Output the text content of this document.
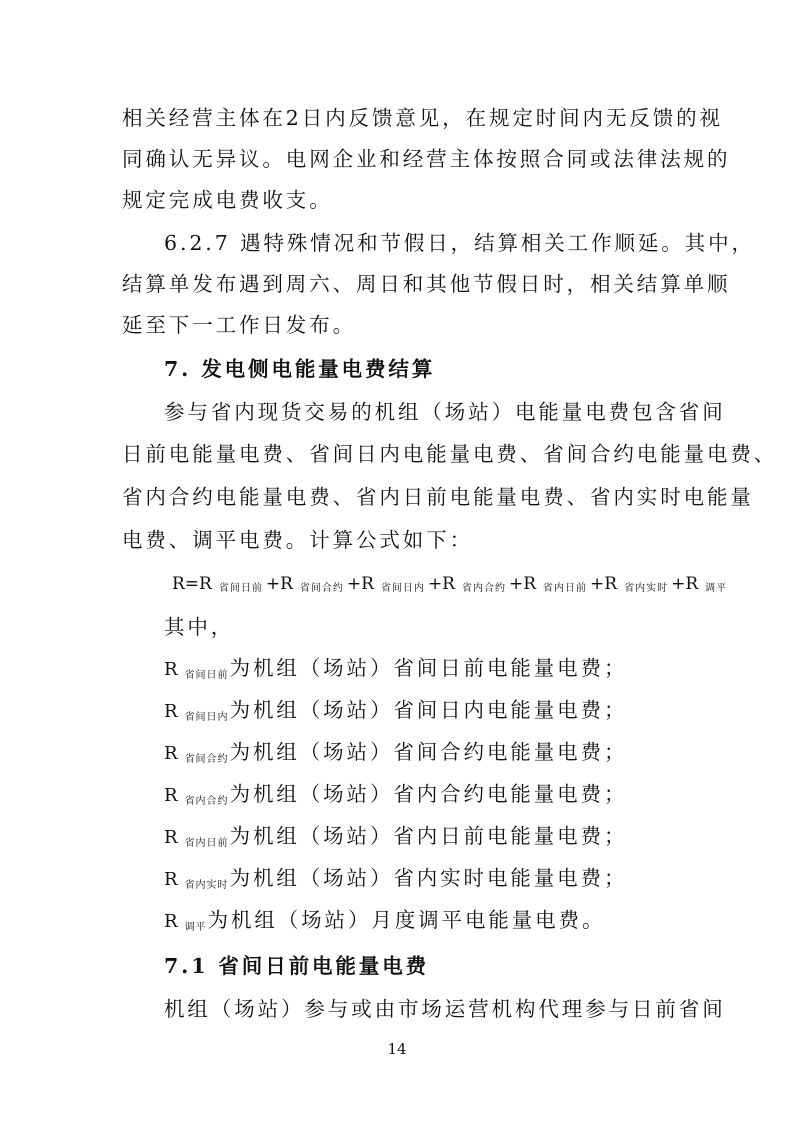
相关经营主体在2日内反馈意见，在规定时间内无反馈的视
同确认无异议。电网企业和经营主体按照合同或法律法规的
规定完成电费收支。
6.2.7 遇特殊情况和节假日，结算相关工作顺延。其中，
结算单发布遇到周六、周日和其他节假日时，相关结算单顺
延至下一工作日发布。
7. 发电侧电能量电费结算
参与省内现货交易的机组（场站）电能量电费包含省间
日前电能量电费、省间日内电能量电费、省间合约电能量电费、
省内合约电能量电费、省内日前电能量电费、省内实时电能量
电费、调平电费。计算公式如下：
R=R $_{省间日前}$ +R $_{省间合约}$ +R $_{省间日内}$ +R $_{省内合约}$ +R $_{省内日前}$ +R $_{省内实时}$ +R $_{调平}$
其中，
R省间日前为机组（场站）省间日前电能量电费；
R省间日内为机组（场站）省间日内电能量电费；
R省间合约为机组（场站）省间合约电能量电费；
R省内合约为机组（场站）省内合约电能量电费；
R省内日前为机组（场站）省内日前电能量电费；
R省内实时为机组（场站）省内实时电能量电费；
R调平为机组（场站）月度调平电能量电费。
7.1 省间日前电能量电费
机组（场站）参与或由市场运营机构代理参与日前省间
14
